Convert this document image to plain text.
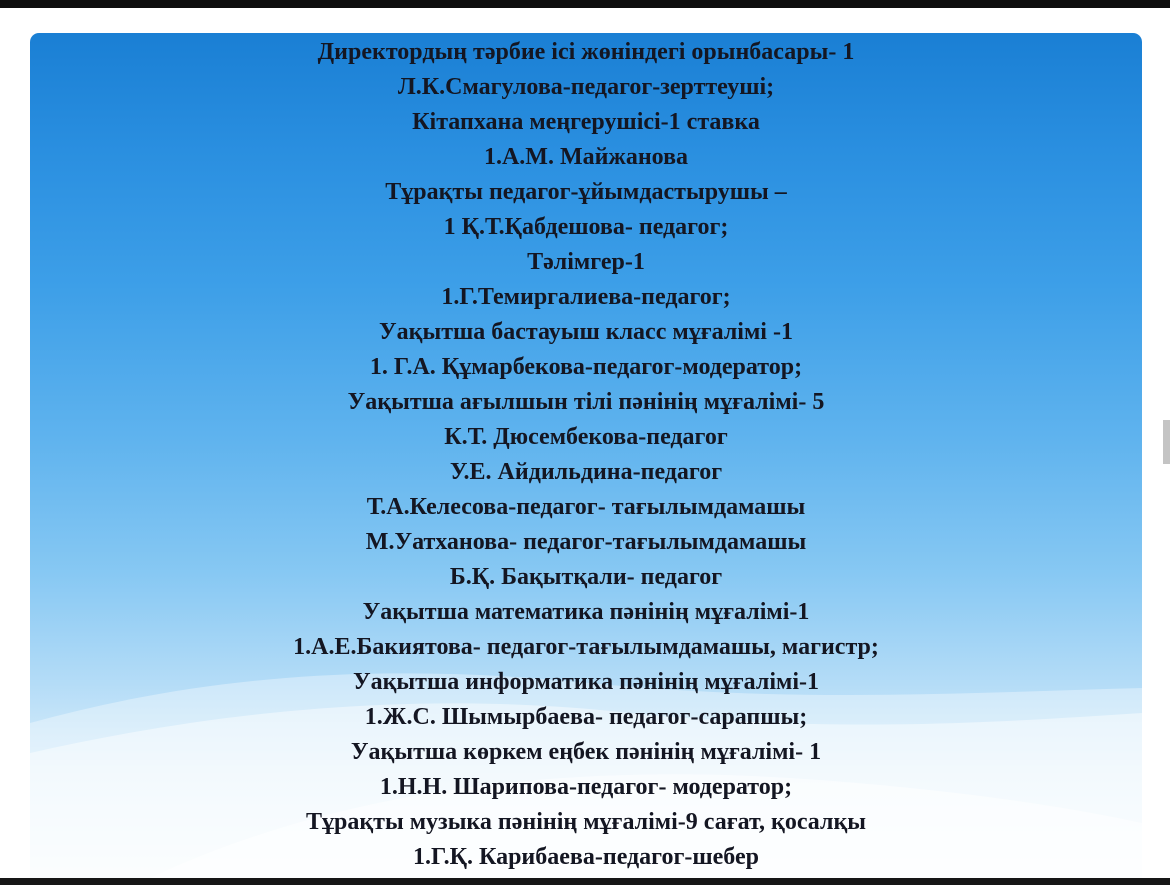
Директордың тәрбие ісі жөніндегі орынбасары- 1
Л.К.Смагулова-педагог-зерттеуші;
Кітапхана меңгерушісі-1 ставка
1.А.М. Майжанова
Тұрақты педагог-ұйымдастырушы –
1 Қ.Т.Қабдешова- педагог;
Тәлімгер-1
1.Г.Темиргалиева-педагог;
Уақытша бастауыш класс мұғалімі -1
1. Г.А. Құмарбекова-педагог-модератор;
Уақытша ағылшын тілі пәнінің мұғалімі- 5
К.Т. Дюсембекова-педагог
У.Е. Айдильдина-педагог
Т.А.Келесова-педагог- тағылымдамашы
М.Уатханова- педагог-тағылымдамашы
Б.Қ. Бақытқали- педагог
Уақытша математика пәнінің мұғалімі-1
1.А.Е.Бакиятова- педагог-тағылымдамашы, магистр;
Уақытша информатика пәнінің мұғалімі-1
1.Ж.С. Шымырбаева- педагог-сарапшы;
Уақытша көркем еңбек пәнінің мұғалімі- 1
1.Н.Н. Шарипова-педагог- модератор;
Тұрақты музыка пәнінің мұғалімі-9 сағат, қосалқы
1.Г.Қ. Карибаева-педагог-шебер
